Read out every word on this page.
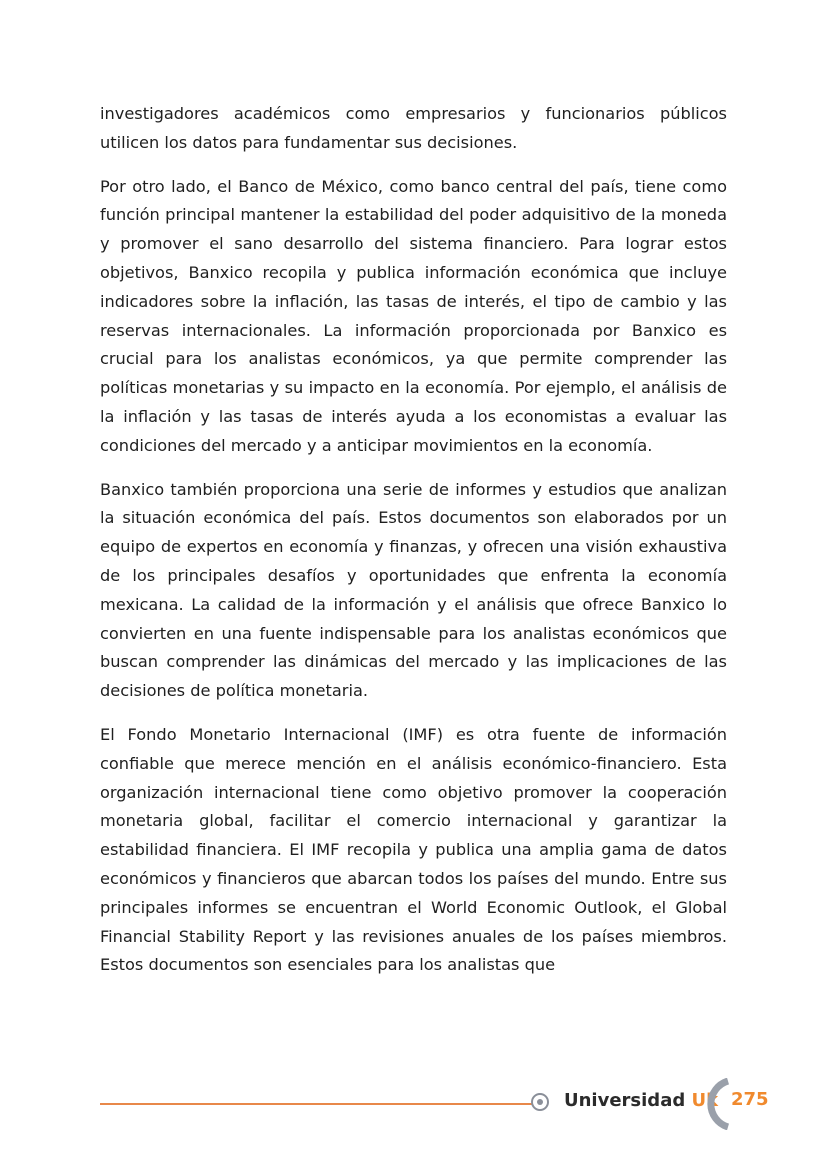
investigadores académicos como empresarios y funcionarios públicos utilicen los datos para fundamentar sus decisiones.

Por otro lado, el Banco de México, como banco central del país, tiene como función principal mantener la estabilidad del poder adquisitivo de la moneda y promover el sano desarrollo del sistema financiero. Para lograr estos objetivos, Banxico recopila y publica información económica que incluye indicadores sobre la inflación, las tasas de interés, el tipo de cambio y las reservas internacionales. La información proporcionada por Banxico es crucial para los analistas económicos, ya que permite comprender las políticas monetarias y su impacto en la economía. Por ejemplo, el análisis de la inflación y las tasas de interés ayuda a los economistas a evaluar las condiciones del mercado y a anticipar movimientos en la economía.

Banxico también proporciona una serie de informes y estudios que analizan la situación económica del país. Estos documentos son elaborados por un equipo de expertos en economía y finanzas, y ofrecen una visión exhaustiva de los principales desafíos y oportunidades que enfrenta la economía mexicana. La calidad de la información y el análisis que ofrece Banxico lo convierten en una fuente indispensable para los analistas económicos que buscan comprender las dinámicas del mercado y las implicaciones de las decisiones de política monetaria.

El Fondo Monetario Internacional (IMF) es otra fuente de información confiable que merece mención en el análisis económico-financiero. Esta organización internacional tiene como objetivo promover la cooperación monetaria global, facilitar el comercio internacional y garantizar la estabilidad financiera. El IMF recopila y publica una amplia gama de datos económicos y financieros que abarcan todos los países del mundo. Entre sus principales informes se encuentran el World Economic Outlook, el Global Financial Stability Report y las revisiones anuales de los países miembros. Estos documentos son esenciales para los analistas que

Universidad Uk 275
